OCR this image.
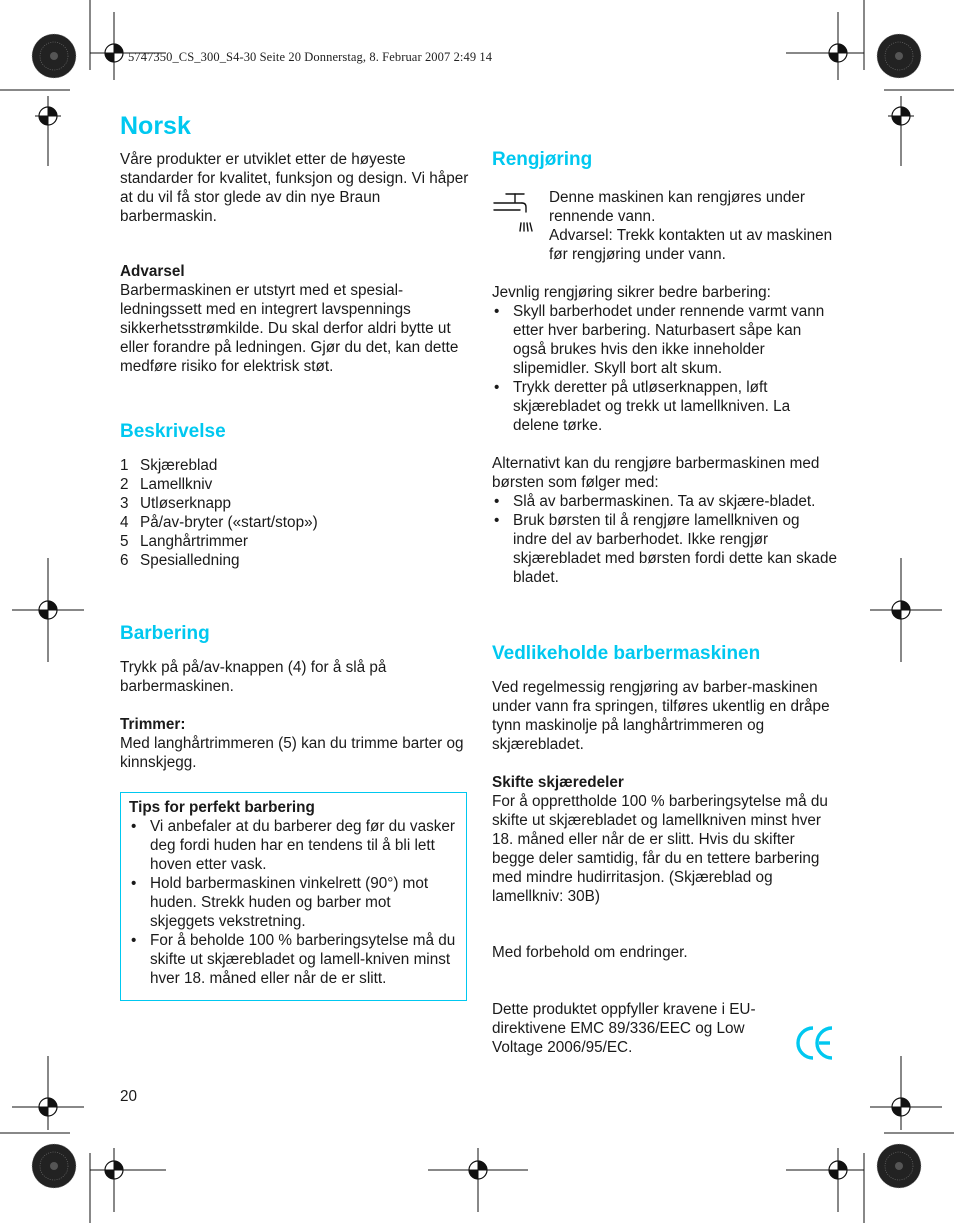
5747350_CS_300_S4-30 Seite 20 Donnerstag, 8. Februar 2007 2:49 14
Norsk

Våre produkter er utviklet etter de høyeste standarder for kvalitet, funksjon og design. Vi håper at du vil få stor glede av din nye Braun barbermaskin.

Advarsel

Barbermaskinen er utstyrt med et spesial-ledningssett med en integrert lavspennings sikkerhetsstrømkilde. Du skal derfor aldri bytte ut eller forandre på ledningen. Gjør du det, kan dette medføre risiko for elektrisk støt.

Beskrivelse
1 Skjæreblad
2 Lamellkniv
3 Utløserknapp
4 På/av-bryter («start/stop»)
5 Langhårtrimmer
6 Spesialledning
Barbering

Trykk på på/av-knappen (4) for å slå på barbermaskinen.

Trimmer:

Med langhårtrimmeren (5) kan du trimme barter og kinnskjegg.

Tips for perfekt barbering

• Vi anbefaler at du barberer deg før du vasker deg fordi huden har en tendens til å bli lett hoven etter vask.
• Hold barbermaskinen vinkelrett (90°) mot huden. Strekk huden og barber mot skjeggets vekstretning.
• For å beholde 100 % barberingsytelse må du skifte ut skjærebladet og lamell-kniven minst hver 18. måned eller når de er slitt.
20
Rengjøring

Denne maskinen kan rengjøres under rennende vann.

Advarsel: Trekk kontakten ut av maskinen før rengjøring under vann.

Jevnlig rengjøring sikrer bedre barbering:

• Skyll barberhodet under rennende varmt vann etter hver barbering. Naturbasert såpe kan også brukes hvis den ikke inneholder slipemidler. Skyll bort alt skum.
• Trykk deretter på utløserknappen, løft skjærebladet og trekk ut lamellkniven. La delene tørke.

Alternativt kan du rengjøre barbermaskinen med børsten som følger med:

• Slå av barbermaskinen. Ta av skjære-bladet.
• Bruk børsten til å rengjøre lamellkniven og indre del av barberhodet. Ikke rengjør skjærebladet med børsten fordi dette kan skade bladet.
Vedlikeholde barbermaskinen

Ved regelmessig rengjøring av barber-maskinen under vann fra springen, tilføres ukentlig en dråpe tynn maskinolje på langhårtrimmeren og skjærebladet.

Skifte skjæredeler

For å opprettholde 100 % barberingsytelse må du skifte ut skjærebladet og lamellkniven minst hver 18. måned eller når de er slitt. Hvis du skifter begge deler samtidig, får du en tettere barbering med mindre hudirritasjon. (Skjæreblad og lamellkniv: 30B)

Med forbehold om endringer.

Dette produktet oppfyller kravene i EU-direktivene EMC 89/336/EEC og Low Voltage 2006/95/EC.
